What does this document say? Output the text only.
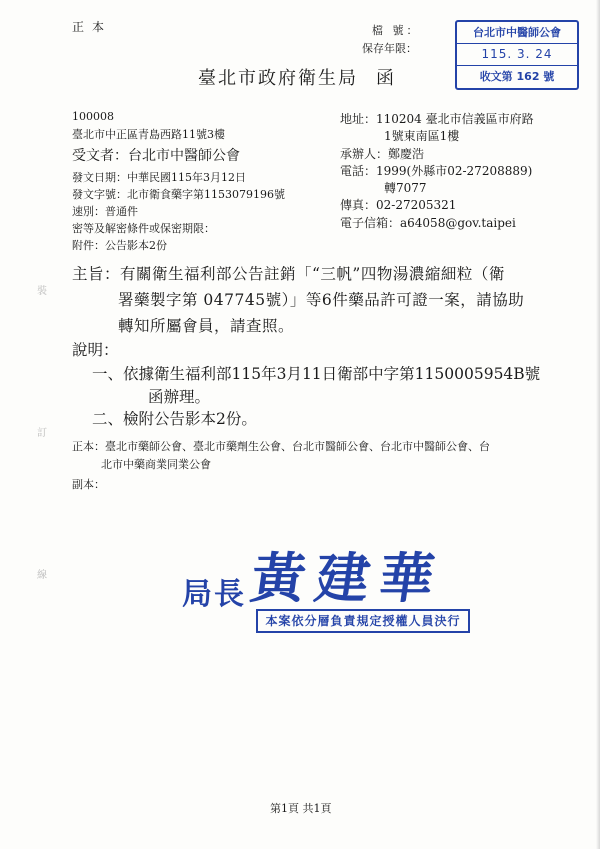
正本	檔 號：
保存年限：
台北市中醫師公會
115. 3. 24
收文第 162 號
臺北市政府衛生局 函
100008
臺北市中正區青島西路11號3樓
受文者：台北市中醫師公會
發文日期：中華民國115年3月12日
發文字號：北市衛食藥字第1153079196號
速別：普通件
密等及解密條件或保密期限：
附件：公告影本2份
地址：110204 臺北市信義區市府路
1號東南區1樓
承辦人：鄭慶浩
電話：1999(外縣市02-27208889)
轉7077
傳真：02-27205321
電子信箱：a64058@gov.taipei
主旨：有關衛生福利部公告註銷「“三帆”四物湯濃縮細粒（衛
署藥製字第 047745號）」等6件藥品許可證一案，請協助
轉知所屬會員，請查照。
說明：
一、依據衛生福利部115年3月11日衛部中字第1150005954B號
函辦理。
二、檢附公告影本2份。
正本：臺北市藥師公會、臺北市藥劑生公會、台北市醫師公會、台北市中醫師公會、台
北市中藥商業同業公會
副本：
裝
訂
線
局長 黃建華
本案依分層負責規定授權人員決行
第1頁 共1頁
